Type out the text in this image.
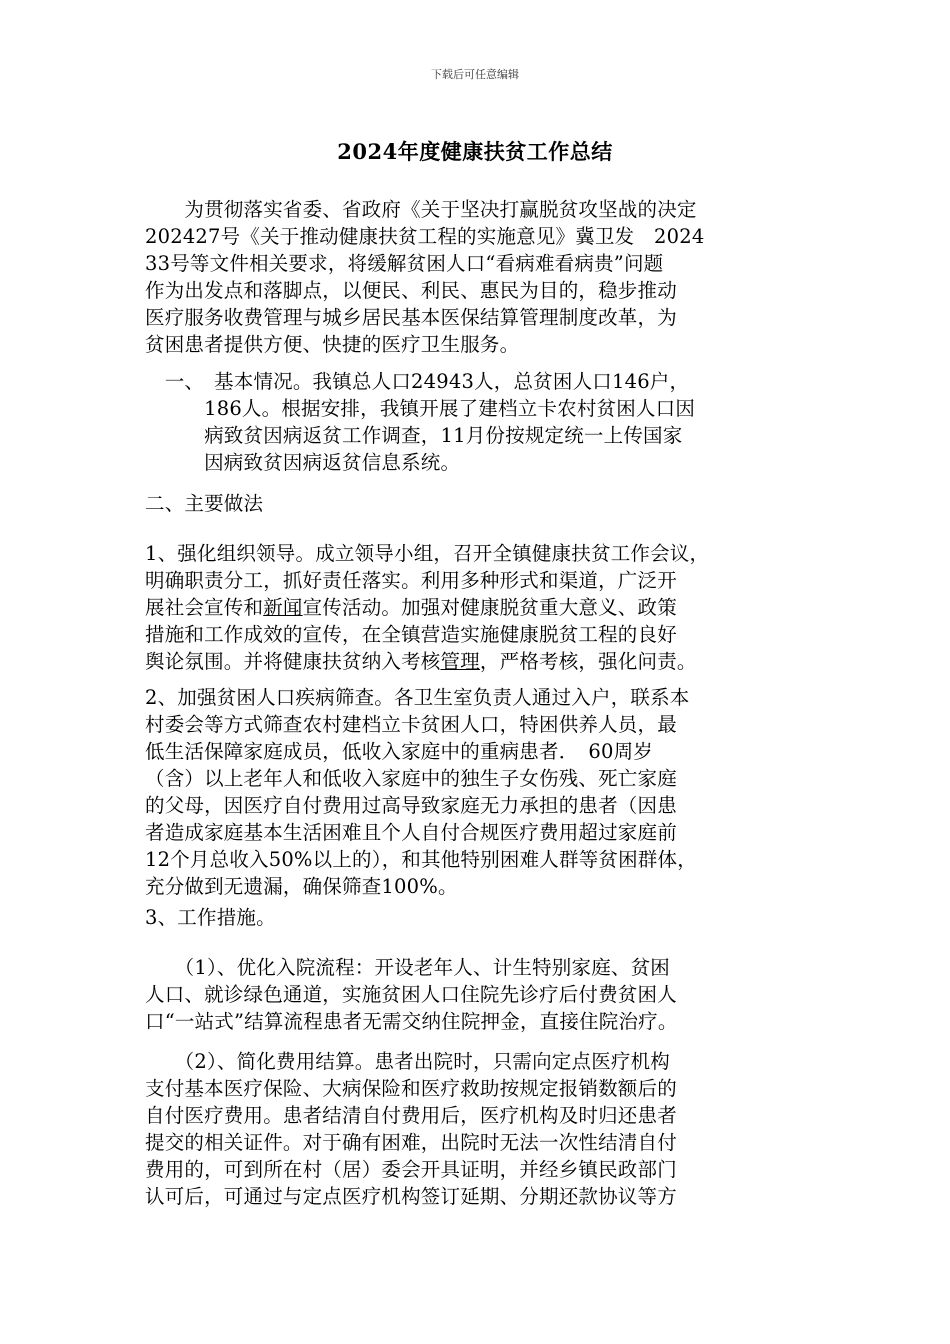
下载后可任意编辑
2024年度健康扶贫工作总结
　　为贯彻落实省委、省政府《关于坚决打赢脱贫攻坚战的决定
202427号《关于推动健康扶贫工程的实施意见》冀卫发　2024
33号等文件相关要求，将缓解贫困人口“看病难看病贵”问题
作为出发点和落脚点，以便民、利民、惠民为目的，稳步推动
医疗服务收费管理与城乡居民基本医保结算管理制度改革，为
贫困患者提供方便、快捷的医疗卫生服务。
　一、　基本情况。我镇总人口24943人，总贫困人口146户，
　　　186人。根据安排，我镇开展了建档立卡农村贫困人口因
　　　病致贫因病返贫工作调查，11月份按规定统一上传国家
　　　因病致贫因病返贫信息系统。
二、主要做法
1、强化组织领导。成立领导小组，召开全镇健康扶贫工作会议，
明确职责分工，抓好责任落实。利用多种形式和渠道，广泛开
展社会宣传和新闻宣传活动。加强对健康脱贫重大意义、政策
措施和工作成效的宣传，在全镇营造实施健康脱贫工程的良好
舆论氛围。并将健康扶贫纳入考核管理，严格考核，强化问责。
2、加强贫困人口疾病筛查。各卫生室负责人通过入户，联系本
村委会等方式筛查农村建档立卡贫困人口，特困供养人员，最
低生活保障家庭成员，低收入家庭中的重病患者．　60周岁
（含）以上老年人和低收入家庭中的独生子女伤残、死亡家庭
的父母，因医疗自付费用过高导致家庭无力承担的患者（因患
者造成家庭基本生活困难且个人自付合规医疗费用超过家庭前
12个月总收入50%以上的），和其他特别困难人群等贫困群体，
充分做到无遗漏，确保筛查100%。
3、工作措施。
　　（1）、优化入院流程：开设老年人、计生特别家庭、贫困
人口、就诊绿色通道，实施贫困人口住院先诊疗后付费贫困人
口“一站式”结算流程患者无需交纳住院押金，直接住院治疗。
　　（2）、简化费用结算。患者出院时，只需向定点医疗机构
支付基本医疗保险、大病保险和医疗救助按规定报销数额后的
自付医疗费用。患者结清自付费用后，医疗机构及时归还患者
提交的相关证件。对于确有困难，出院时无法一次性结清自付
费用的，可到所在村（居）委会开具证明，并经乡镇民政部门
认可后，可通过与定点医疗机构签订延期、分期还款协议等方
